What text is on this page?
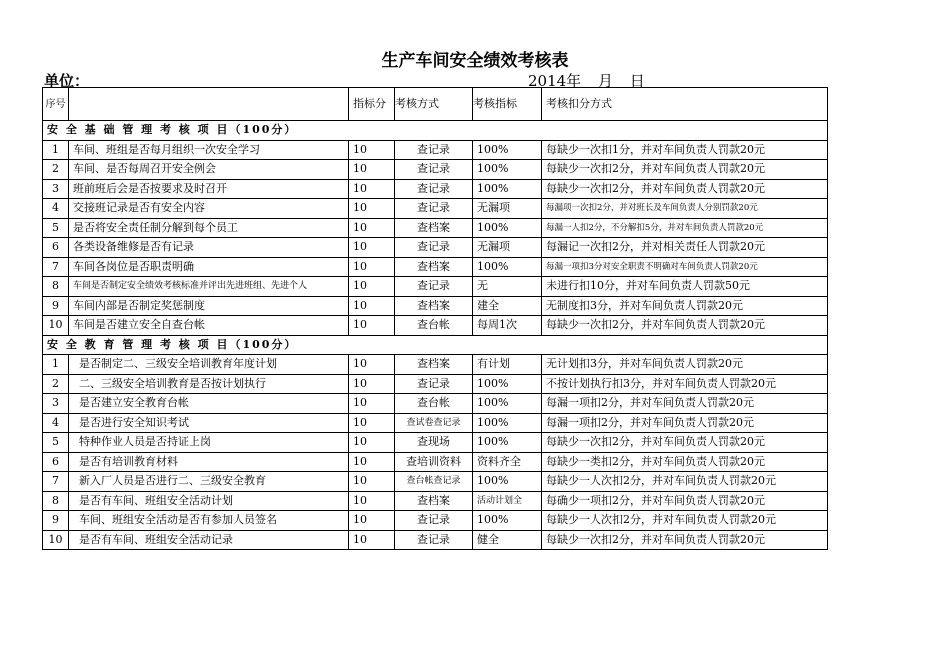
生产车间安全绩效考核表
单位：	2014年 月 日
序号		指标分	考核方式	考核指标	考核扣分方式
安 全 基 础 管 理 考 核 项 目（100分）					
1	车间、班组是否每月组织一次安全学习	10	查记录	100%	每缺少一次扣1分，并对车间负责人罚款20元
2	车间、是否每周召开安全例会	10	查记录	100%	每缺少一次扣2分，并对车间负责人罚款20元
3	班前班后会是否按要求及时召开	10	查记录	100%	每缺少一次扣2分，并对车间负责人罚款20元
4	交接班记录是否有安全内容	10	查记录	无漏项	每漏项一次扣2分，并对班长及车间负责人分别罚款20元
5	是否将安全责任制分解到每个员工	10	查档案	100%	每漏一人扣2分，不分解扣5分，并对车间负责人罚款20元
6	各类设备维修是否有记录	10	查记录	无漏项	每漏记一次扣2分，并对相关责任人罚款20元
7	车间各岗位是否职责明确	10	查档案	100%	每漏一项扣3分对安全职责不明确对车间负责人罚款20元
8	车间是否制定安全绩效考核标准并评出先进班组、先进个人	10	查记录	无	未进行扣10分，并对车间负责人罚款50元
9	车间内部是否制定奖惩制度	10	查档案	建全	无制度扣3分，并对车间负责人罚款20元
10	车间是否建立安全自查台帐	10	查台帐	每周1次	每缺少一次扣2分，并对车间负责人罚款20元
安 全 教 育 管 理 考 核 项 目（100分）					
1	是否制定二、三级安全培训教育年度计划	10	查档案	有计划	无计划扣3分，并对车间负责人罚款20元
2	二、三级安全培训教育是否按计划执行	10	查记录	100%	不按计划执行扣3分，并对车间负责人罚款20元
3	是否建立安全教育台帐	10	查台帐	100%	每漏一项扣2分，并对车间负责人罚款20元
4	是否进行安全知识考试	10	查试卷查记录	100%	每漏一项扣2分，并对车间负责人罚款20元
5	特种作业人员是否持证上岗	10	查现场	100%	每缺少一次扣2分，并对车间负责人罚款20元
6	是否有培训教育材料	10	查培训资料	资料齐全	每缺少一类扣2分，并对车间负责人罚款20元
7	新入厂人员是否进行二、三级安全教育	10	查台帐查记录	100%	每缺少一人次扣2分，并对车间负责人罚款20元
8	是否有车间、班组安全活动计划	10	查档案	活动计划全	每确少一项扣2分，并对车间负责人罚款20元
9	车间、班组安全活动是否有参加人员签名	10	查记录	100%	每缺少一人次扣2分，并对车间负责人罚款20元
10	是否有车间、班组安全活动记录	10	查记录	健全	每缺少一次扣2分，并对车间负责人罚款20元
